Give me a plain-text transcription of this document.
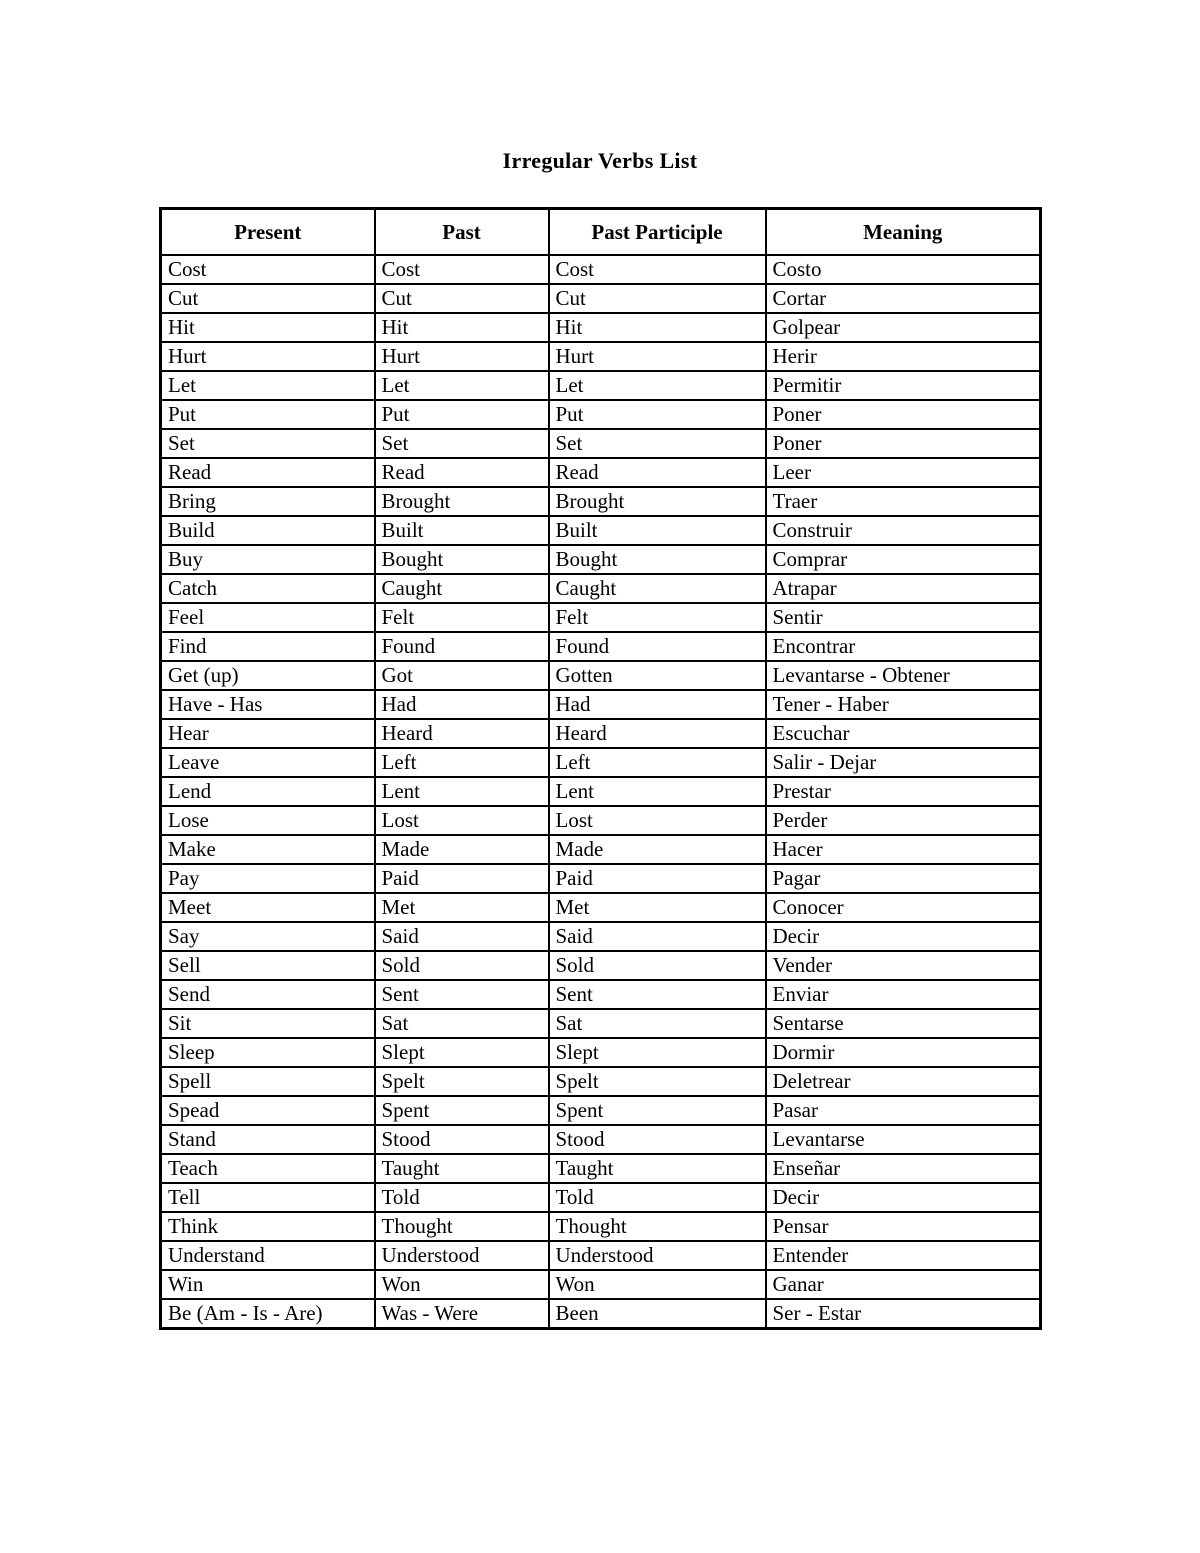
Irregular Verbs List
Present	Past	Past Participle	Meaning
Cost	Cost	Cost	Costo
Cut	Cut	Cut	Cortar
Hit	Hit	Hit	Golpear
Hurt	Hurt	Hurt	Herir
Let	Let	Let	Permitir
Put	Put	Put	Poner
Set	Set	Set	Poner
Read	Read	Read	Leer
Bring	Brought	Brought	Traer
Build	Built	Built	Construir
Buy	Bought	Bought	Comprar
Catch	Caught	Caught	Atrapar
Feel	Felt	Felt	Sentir
Find	Found	Found	Encontrar
Get (up)	Got	Gotten	Levantarse - Obtener
Have - Has	Had	Had	Tener - Haber
Hear	Heard	Heard	Escuchar
Leave	Left	Left	Salir - Dejar
Lend	Lent	Lent	Prestar
Lose	Lost	Lost	Perder
Make	Made	Made	Hacer
Pay	Paid	Paid	Pagar
Meet	Met	Met	Conocer
Say	Said	Said	Decir
Sell	Sold	Sold	Vender
Send	Sent	Sent	Enviar
Sit	Sat	Sat	Sentarse
Sleep	Slept	Slept	Dormir
Spell	Spelt	Spelt	Deletrear
Spead	Spent	Spent	Pasar
Stand	Stood	Stood	Levantarse
Teach	Taught	Taught	Enseñar
Tell	Told	Told	Decir
Think	Thought	Thought	Pensar
Understand	Understood	Understood	Entender
Win	Won	Won	Ganar
Be (Am - Is - Are)	Was - Were	Been	Ser - Estar
